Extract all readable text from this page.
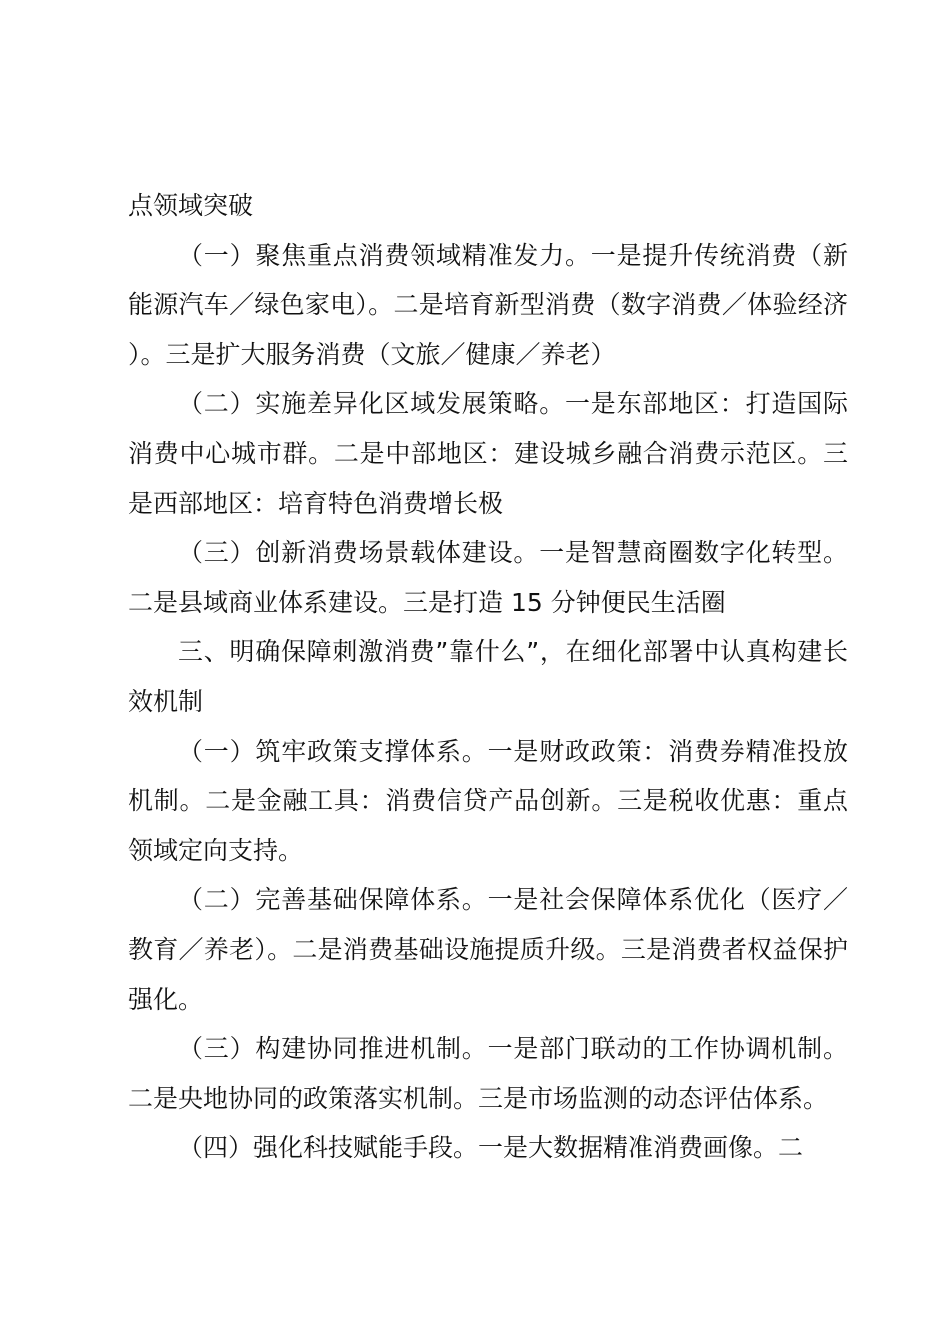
点领域突破

（一）聚焦重点消费领域精准发力。一是提升传统消费（新能源汽车／绿色家电）。二是培育新型消费（数字消费／体验经济）。三是扩大服务消费（文旅／健康／养老）

（二）实施差异化区域发展策略。一是东部地区：打造国际消费中心城市群。二是中部地区：建设城乡融合消费示范区。三是西部地区：培育特色消费增长极

（三）创新消费场景载体建设。一是智慧商圈数字化转型。二是县域商业体系建设。三是打造 15 分钟便民生活圈

三、明确保障刺激消费”靠什么”，在细化部署中认真构建长效机制

（一）筑牢政策支撑体系。一是财政政策：消费券精准投放机制。二是金融工具：消费信贷产品创新。三是税收优惠：重点领域定向支持。

（二）完善基础保障体系。一是社会保障体系优化（医疗／教育／养老）。二是消费基础设施提质升级。三是消费者权益保护强化。

（三）构建协同推进机制。一是部门联动的工作协调机制。二是央地协同的政策落实机制。三是市场监测的动态评估体系。

（四）强化科技赋能手段。一是大数据精准消费画像。二
